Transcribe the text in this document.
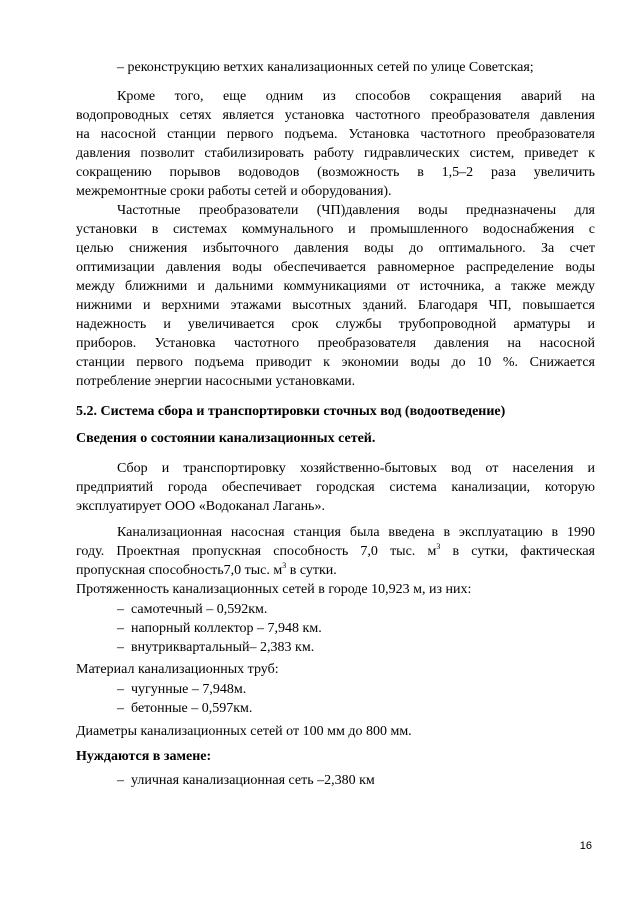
– реконструкцию ветхих канализационных сетей по улице Советская;
Кроме того, еще одним из способов сокращения аварий на
водопроводных сетях является установка частотного преобразователя давления
на насосной станции первого подъема. Установка частотного преобразователя
давления позволит стабилизировать работу гидравлических систем, приведет к
сокращению порывов водоводов (возможность в 1,5–2 раза увеличить
межремонтные сроки работы сетей и оборудования).
Частотные преобразователи (ЧП)давления воды предназначены для
установки в системах коммунального и промышленного водоснабжения с
целью снижения избыточного давления воды до оптимального. За счет
оптимизации давления воды обеспечивается равномерное распределение воды
между ближними и дальними коммуникациями от источника, а также между
нижними и верхними этажами высотных зданий. Благодаря ЧП, повышается
надежность и увеличивается срок службы трубопроводной арматуры и
приборов. Установка частотного преобразователя давления на насосной
станции первого подъема приводит к экономии воды до 10 %. Снижается
потребление энергии насосными установками.
5.2. Система сбора и транспортировки сточных вод (водоотведение)
Сведения о состоянии канализационных сетей.
Сбор и транспортировку хозяйственно-бытовых вод от населения и
предприятий города обеспечивает городская система канализации, которую
эксплуатирует ООО «Водоканал Лагань».
Канализационная насосная станция была введена в эксплуатацию в 1990
году. Проектная пропускная способность 7,0 тыс. $м^3$ в сутки, фактическая
пропускная способность7,0 тыс. $м^3$ в сутки.
Протяженность канализационных сетей в городе 10,923 м, из них:
– самотечный – 0,592км.
– напорный коллектор – 7,948 км.
– внутриквартальный– 2,383 км.
Материал канализационных труб:
– чугунные – 7,948м.
– бетонные – 0,597км.
Диаметры канализационных сетей от 100 мм до 800 мм.
Нуждаются в замене:
– уличная канализационная сеть –2,380 км
16
